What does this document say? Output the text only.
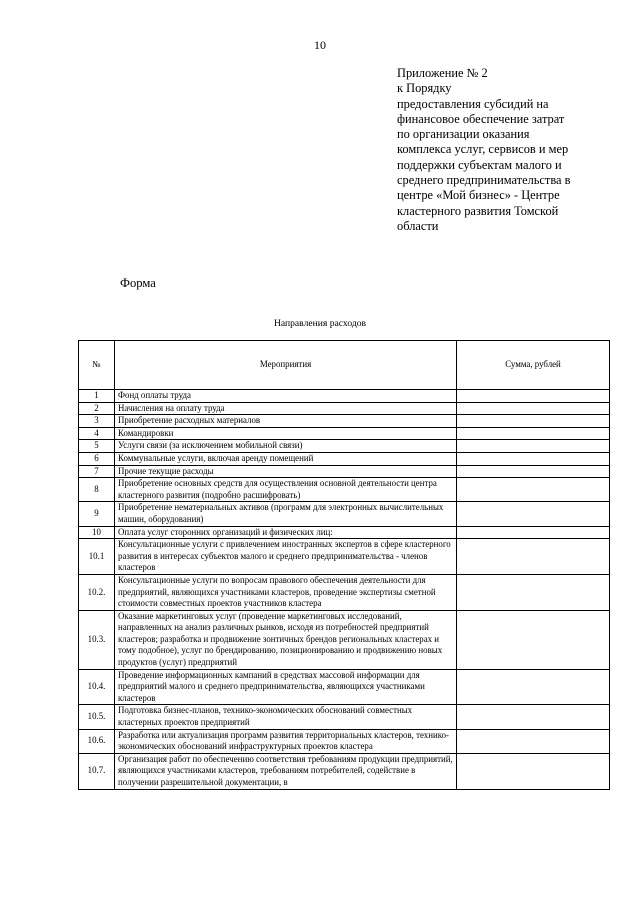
10
Приложение № 2
к Порядку
предоставления субсидий на
финансовое обеспечение затрат
по организации оказания
комплекса услуг, сервисов и мер
поддержки субъектам малого и
среднего предпринимательства в
центре «Мой бизнес» - Центре
кластерного развития Томской
области
Форма
Направления расходов
№	Мероприятия	Сумма, рублей
1	Фонд оплаты труда	
2	Начисления на оплату труда	
3	Приобретение расходных материалов	
4	Командировки	
5	Услуги связи (за исключением мобильной связи)	
6	Коммунальные услуги, включая аренду помещений	
7	Прочие текущие расходы	
8	Приобретение основных средств для осуществления основной деятельности центра кластерного развития (подробно расшифровать)	
9	Приобретение нематериальных активов (программ для электронных вычислительных машин, оборудования)	
10	Оплата услуг сторонних организаций и физических лиц:	
10.1	Консультационные услуги с привлечением иностранных экспертов в сфере кластерного развития в интересах субъектов малого и среднего предпринимательства - членов кластеров	
10.2.	Консультационные услуги по вопросам правового обеспечения деятельности для предприятий, являющихся участниками кластеров, проведение экспертизы сметной стоимости совместных проектов участников кластера	
10.3.	Оказание маркетинговых услуг (проведение маркетинговых исследований, направленных на анализ различных рынков, исходя из потребностей предприятий кластеров; разработка и продвижение зонтичных брендов региональных кластерах и тому подобное), услуг по брендированию, позиционированию и продвижению новых продуктов (услуг) предприятий	
10.4.	Проведение информационных кампаний в средствах массовой информации для предприятий малого и среднего предпринимательства, являющихся участниками кластеров	
10.5.	Подготовка бизнес-планов, технико-экономических обоснований совместных кластерных проектов предприятий	
10.6.	Разработка или актуализация программ развития территориальных кластеров, технико-экономических обоснований инфраструктурных проектов кластера	
10.7.	Организация работ по обеспечению соответствия требованиям продукции предприятий, являющихся участниками кластеров, требованиям потребителей, содействие в получении разрешительной документации, в	
